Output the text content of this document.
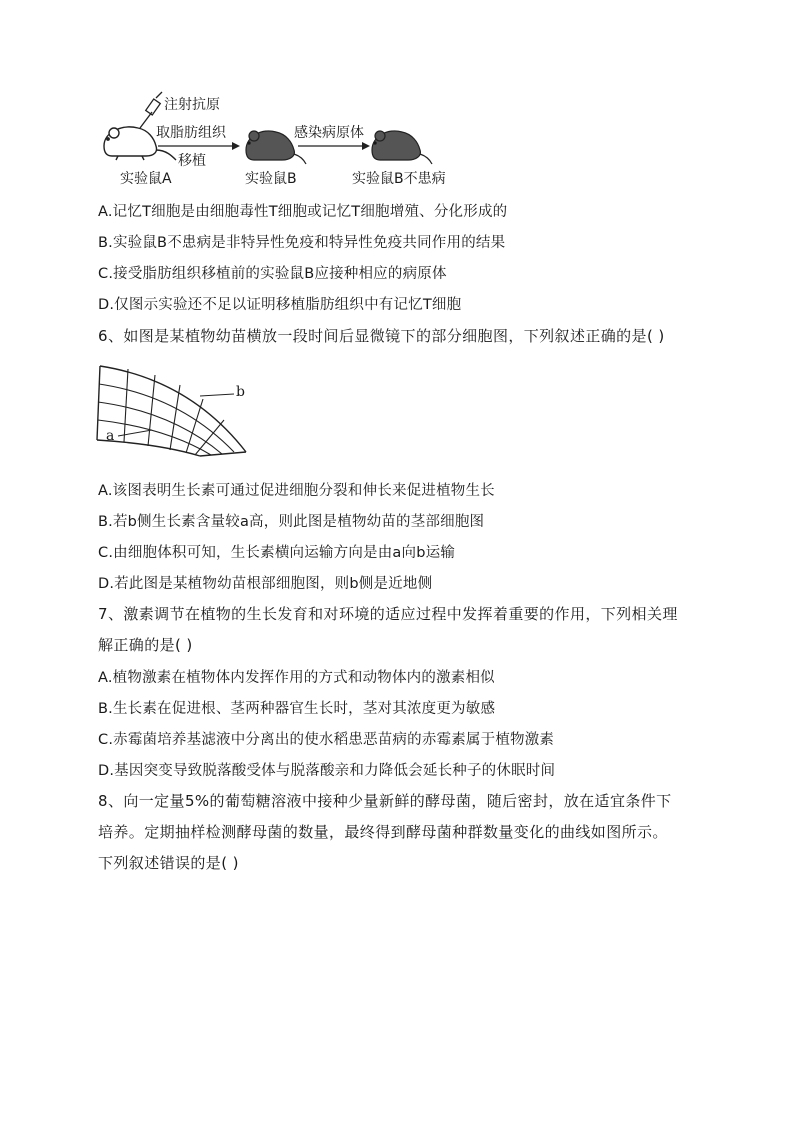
注射抗原
取脂肪组织
移植
感染病原体
实验鼠A	实验鼠B	实验鼠B不患病
A.记忆T细胞是由细胞毒性T细胞或记忆T细胞增殖、分化形成的
B.实验鼠B不患病是非特异性免疫和特异性免疫共同作用的结果
C.接受脂肪组织移植前的实验鼠B应接种相应的病原体
D.仅图示实验还不足以证明移植脂肪组织中有记忆T细胞
6、如图是某植物幼苗横放一段时间后显微镜下的部分细胞图，下列叙述正确的是( )
b
a
A.该图表明生长素可通过促进细胞分裂和伸长来促进植物生长
B.若b侧生长素含量较a高，则此图是植物幼苗的茎部细胞图
C.由细胞体积可知，生长素横向运输方向是由a向b运输
D.若此图是某植物幼苗根部细胞图，则b侧是近地侧
7、激素调节在植物的生长发育和对环境的适应过程中发挥着重要的作用，下列相关理
解正确的是( )
A.植物激素在植物体内发挥作用的方式和动物体内的激素相似
B.生长素在促进根、茎两种器官生长时，茎对其浓度更为敏感
C.赤霉菌培养基滤液中分离出的使水稻患恶苗病的赤霉素属于植物激素
D.基因突变导致脱落酸受体与脱落酸亲和力降低会延长种子的休眠时间
8、向一定量5%的葡萄糖溶液中接种少量新鲜的酵母菌，随后密封，放在适宜条件下
培养。定期抽样检测酵母菌的数量，最终得到酵母菌种群数量变化的曲线如图所示。
下列叙述错误的是( )
